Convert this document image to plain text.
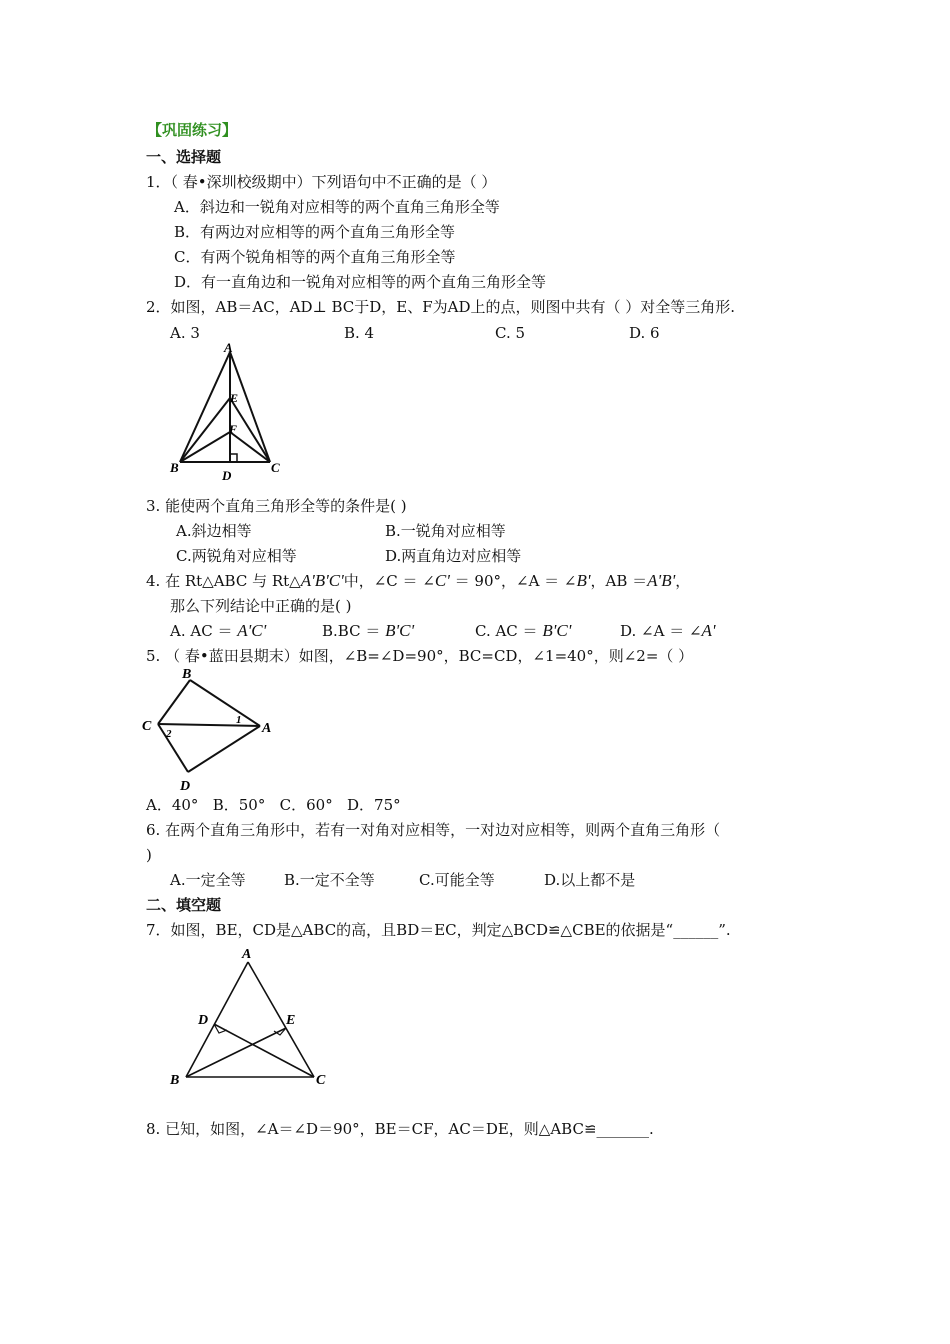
【巩固练习】
一、选择题
1．（ 春•深圳校级期中）下列语句中不正确的是（ ）
A．斜边和一锐角对应相等的两个直角三角形全等
B．有两边对应相等的两个直角三角形全等
C．有两个锐角相等的两个直角三角形全等
D．有一直角边和一锐角对应相等的两个直角三角形全等
2．如图，AB＝AC，AD⊥ BC于D，E、F为AD上的点，则图中共有（ ）对全等三角形.
A. 3	B. 4	C. 5	D. 6
A
E
F
B
D
C
3. 能使两个直角三角形全等的条件是( )
A.斜边相等	B.一锐角对应相等
C.两锐角对应相等	D.两直角边对应相等
4. 在 Rt△ABC 与 Rt△A'B'C'中，∠C ＝ ∠C' ＝ 90°，∠A ＝ ∠B'，AB ＝A'B'，
那么下列结论中正确的是( )
A. AC ＝ A'C'	B.BC ＝ B'C'	C. AC ＝ B'C'	D. ∠A ＝ ∠A'
5. （ 春•蓝田县期末）如图，∠B=∠D=90°，BC=CD，∠1=40°，则∠2=（ ）
B
C	A
D
1
2
A．40°   B．50°   C．60°   D．75°
6. 在两个直角三角形中，若有一对角对应相等，一对边对应相等，则两个直角三角形（
)
A.一定全等	B.一定不全等	C.可能全等	D.以上都不是
二、填空题
7．如图，BE，CD是△ABC的高，且BD＝EC，判定△BCD≌△CBE的依据是“______”.
A
D	E
B	C
8. 已知，如图，∠A＝∠D＝90°，BE＝CF，AC＝DE，则△ABC≌_______.
